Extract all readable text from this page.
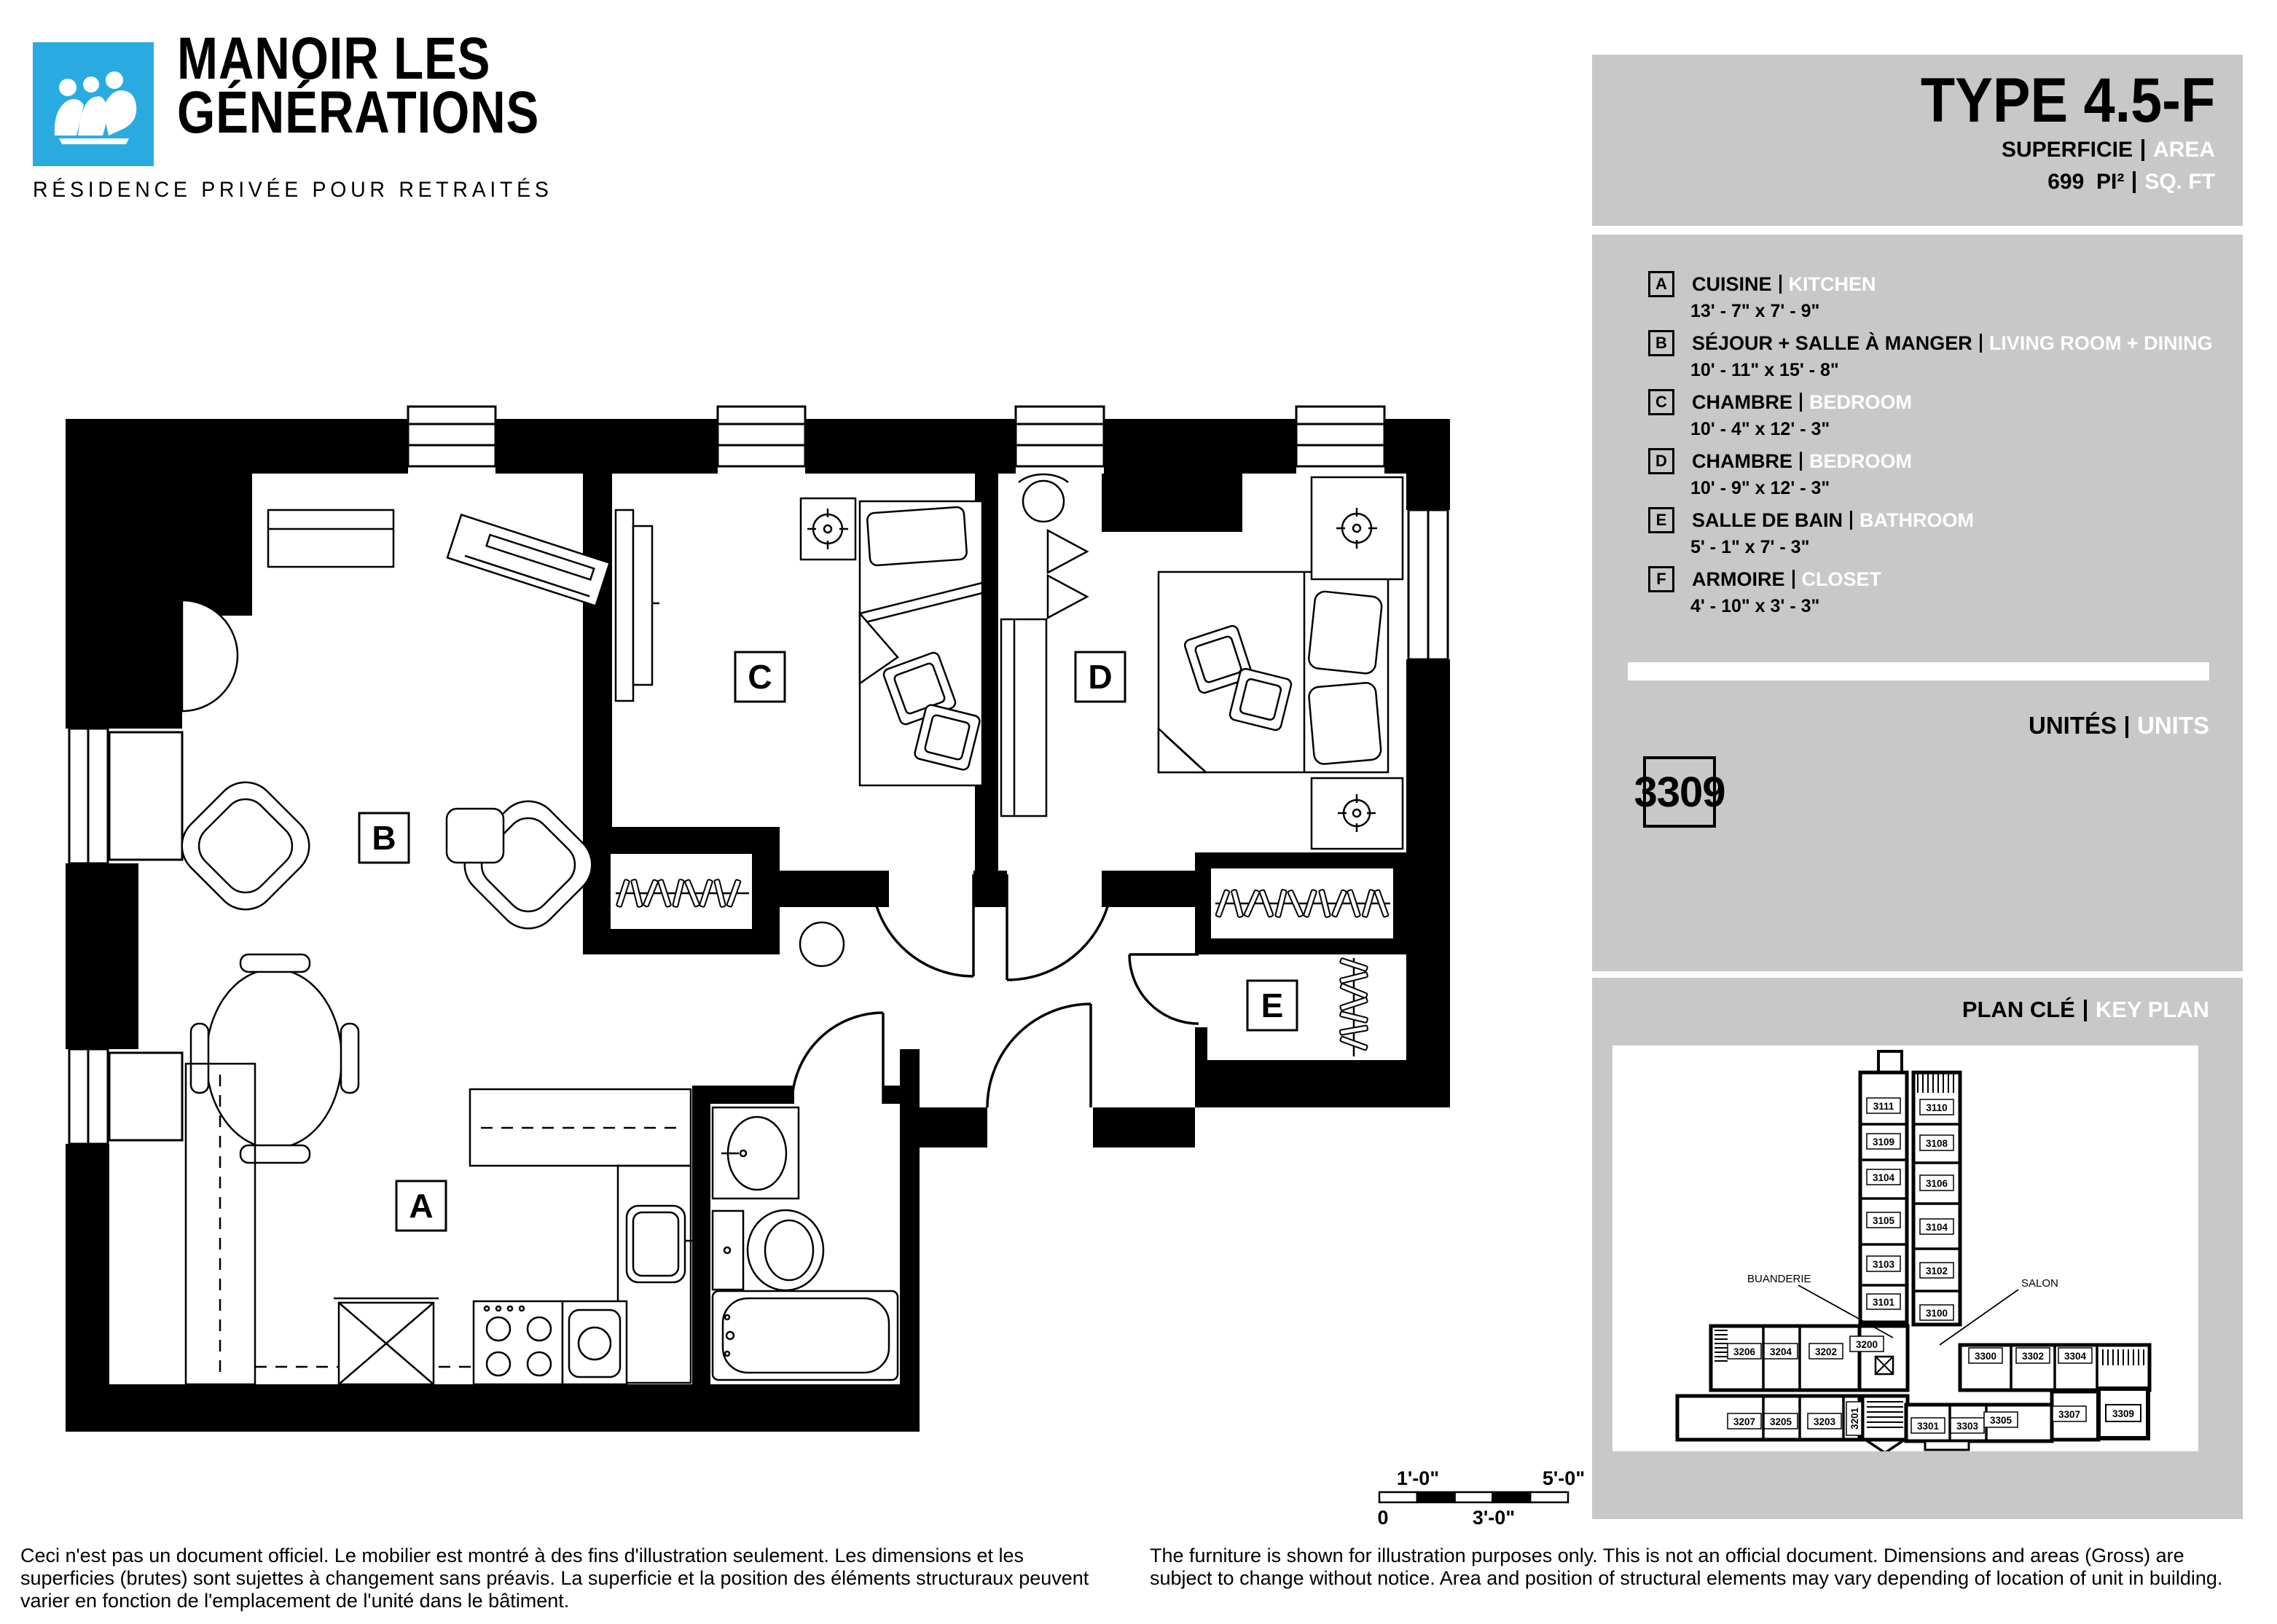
MANOIR LES
GÉNÉRATIONS
RÉSIDENCE PRIVÉE POUR RETRAITÉS
B
C	D
E
A
1'-0"	5'-0"
0	3'-0"
TYPE 4.5-F
SUPERFICIE AREA
699 PI² SQ. FT
A	CUISINE KITCHEN
13' - 7" x 7' - 9"
B	SÉJOUR + SALLE À MANGER LIVING ROOM + DINING
10' - 11" x 15' - 8"
C	CHAMBRE BEDROOM
10' - 4" x 12' - 3"
D	CHAMBRE BEDROOM
10' - 9" x 12' - 3"
E	SALLE DE BAIN BATHROOM
5' - 1" x 7' - 3"
F	ARMOIRE CLOSET
4' - 10" x 3' - 3"
UNITÉS UNITS
3309
PLAN CLÉ KEY PLAN
3111
3109
3104
3105
3103
3101
3110
3108
3106
3104
3102
3100
3206 3204 3202
3200
3300	3302 3304
3207 3205 3203 3201	3301 3303
3305
3307	3309
BUANDERIE	SALON
Ceci n'est pas un document officiel. Le mobilier est montré à des fins d'illustration seulement. Les dimensions et les superficies (brutes) sont sujettes à changement sans préavis. La superficie et la position des éléments structuraux peuvent varier en fonction de l'emplacement de l'unité dans le bâtiment.
The furniture is shown for illustration purposes only. This is not an official document. Dimensions and areas (Gross) are subject to change without notice. Area and position of structural elements may vary depending of location of unit in building.
